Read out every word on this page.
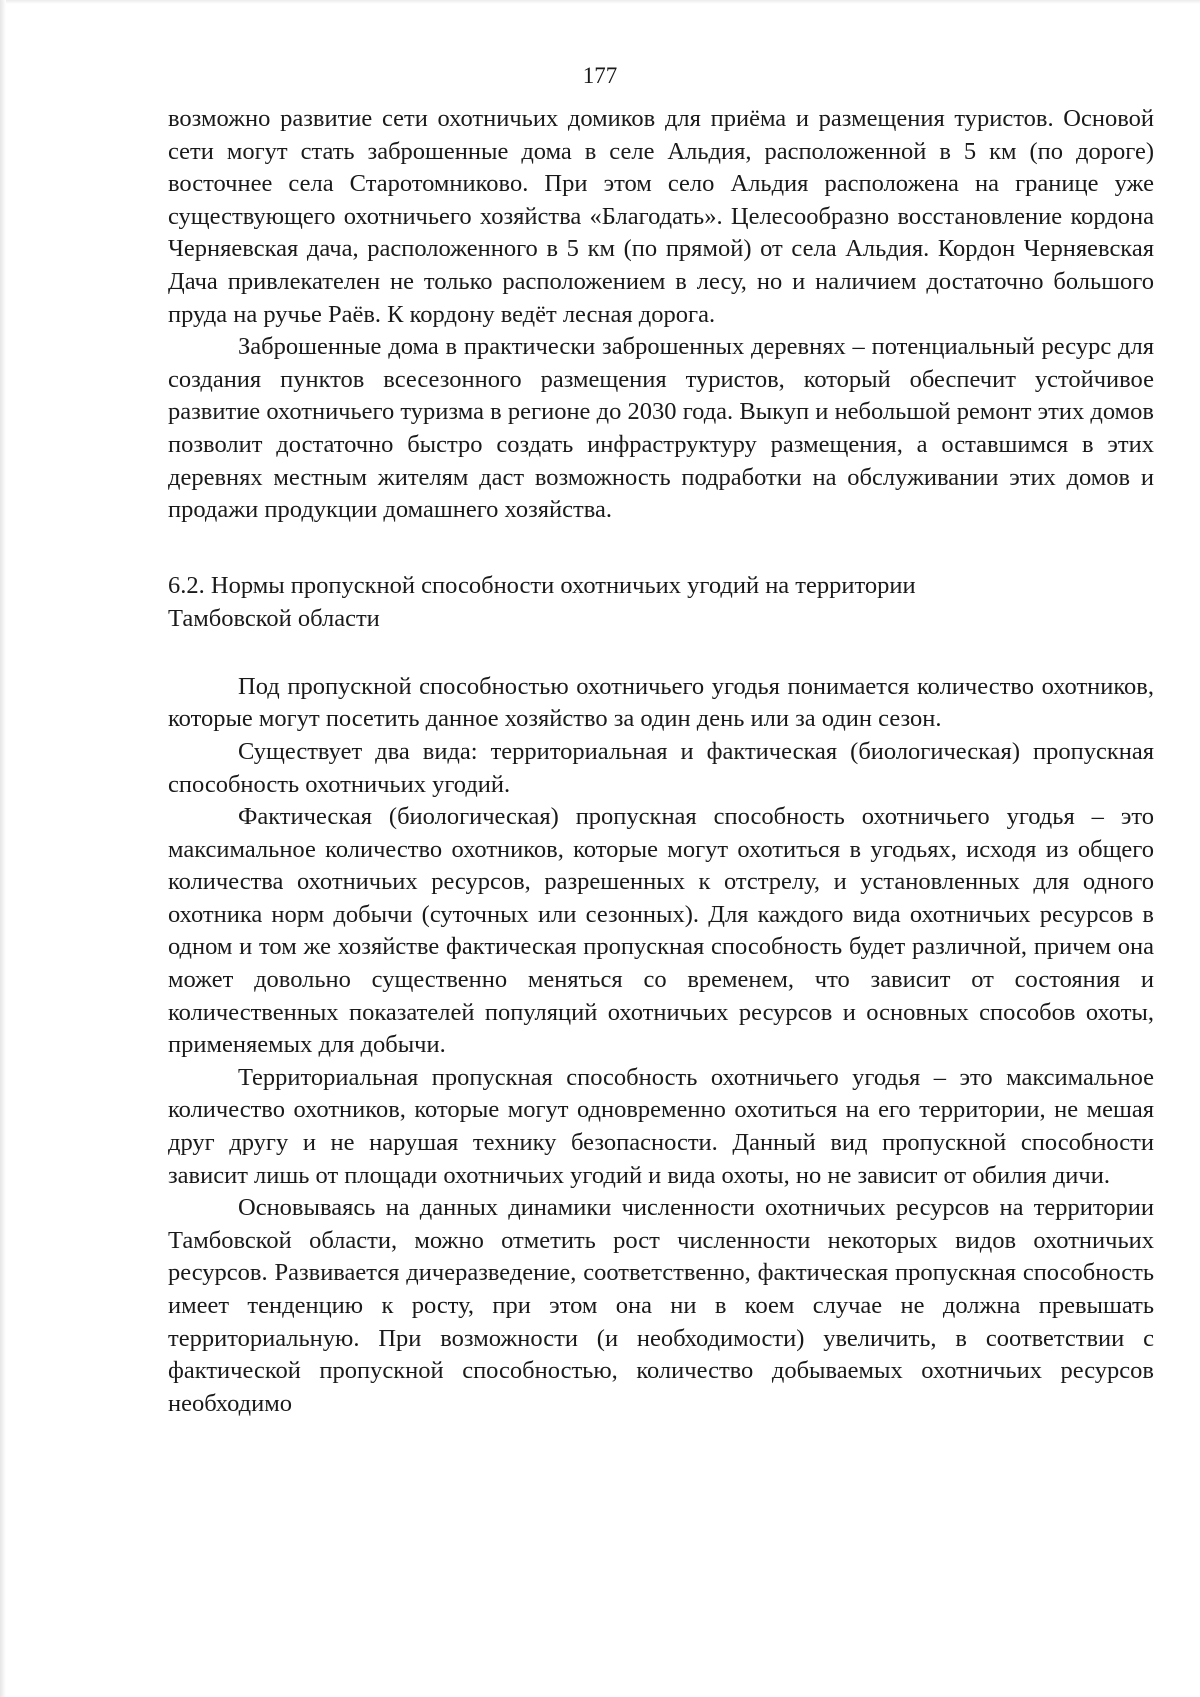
177

возможно развитие сети охотничьих домиков для приёма и размещения туристов. Основой сети могут стать заброшенные дома в селе Альдия, расположенной в 5 км (по дороге) восточнее села Старотомниково. При этом село Альдия расположена на границе уже существующего охотничьего хозяйства «Благодать». Целесообразно восстановление кордона Черняевская дача, расположенного в 5 км (по прямой) от села Альдия. Кордон Черняевская Дача привлекателен не только расположением в лесу, но и наличием достаточно большого пруда на ручье Раёв. К кордону ведёт лесная дорога.

Заброшенные дома в практически заброшенных деревнях – потенциальный ресурс для создания пунктов всесезонного размещения туристов, который обеспечит устойчивое развитие охотничьего туризма в регионе до 2030 года. Выкуп и небольшой ремонт этих домов позволит достаточно быстро создать инфраструктуру размещения, а оставшимся в этих деревнях местным жителям даст возможность подработки на обслуживании этих домов и продажи продукции домашнего хозяйства.

6.2. Нормы пропускной способности охотничьих угодий на территории
Тамбовской области

Под пропускной способностью охотничьего угодья понимается количество охотников, которые могут посетить данное хозяйство за один день или за один сезон.

Существует два вида: территориальная и фактическая (биологическая) пропускная способность охотничьих угодий.

Фактическая (биологическая) пропускная способность охотничьего угодья – это максимальное количество охотников, которые могут охотиться в угодьях, исходя из общего количества охотничьих ресурсов, разрешенных к отстрелу, и установленных для одного охотника норм добычи (суточных или сезонных). Для каждого вида охотничьих ресурсов в одном и том же хозяйстве фактическая пропускная способность будет различной, причем она может довольно существенно меняться со временем, что зависит от состояния и количественных показателей популяций охотничьих ресурсов и основных способов охоты, применяемых для добычи.

Территориальная пропускная способность охотничьего угодья – это максимальное количество охотников, которые могут одновременно охотиться на его территории, не мешая друг другу и не нарушая технику безопасности. Данный вид пропускной способности зависит лишь от площади охотничьих угодий и вида охоты, но не зависит от обилия дичи.

Основываясь на данных динамики численности охотничьих ресурсов на территории Тамбовской области, можно отметить рост численности некоторых видов охотничьих ресурсов. Развивается дичеразведение, соответственно, фактическая пропускная способность имеет тенденцию к росту, при этом она ни в коем случае не должна превышать территориальную. При возможности (и необходимости) увеличить, в соответствии с фактической пропускной способностью, количество добываемых охотничьих ресурсов необходимо
